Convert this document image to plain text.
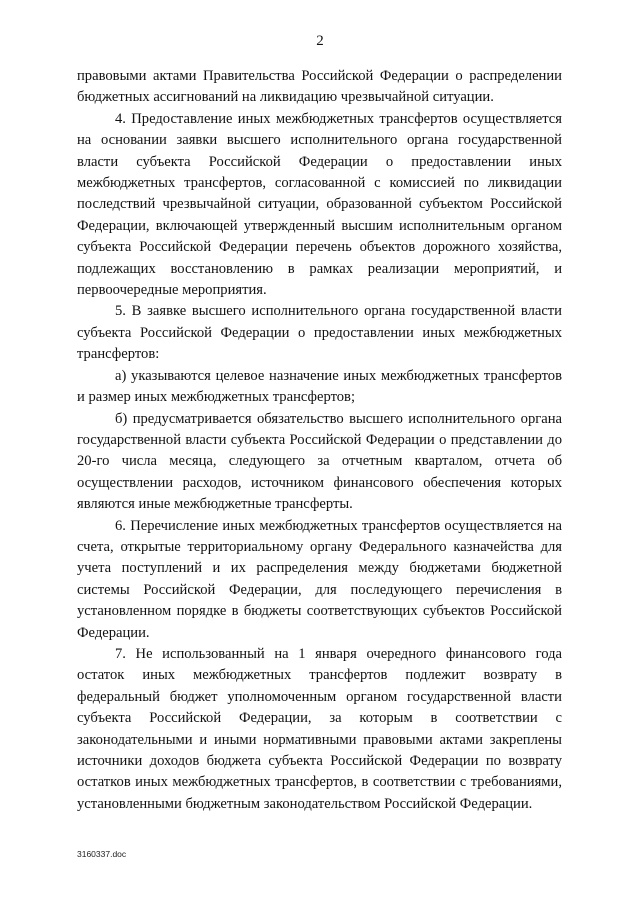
2

правовыми актами Правительства Российской Федерации о распределении бюджетных ассигнований на ликвидацию чрезвычайной ситуации.

4. Предоставление иных межбюджетных трансфертов осуществляется на основании заявки высшего исполнительного органа государственной власти субъекта Российской Федерации о предоставлении иных межбюджетных трансфертов, согласованной с комиссией по ликвидации последствий чрезвычайной ситуации, образованной субъектом Российской Федерации, включающей утвержденный высшим исполнительным органом субъекта Российской Федерации перечень объектов дорожного хозяйства, подлежащих восстановлению в рамках реализации мероприятий, и первоочередные мероприятия.

5. В заявке высшего исполнительного органа государственной власти субъекта Российской Федерации о предоставлении иных межбюджетных трансфертов:

а) указываются целевое назначение иных межбюджетных трансфертов и размер иных межбюджетных трансфертов;

б) предусматривается обязательство высшего исполнительного органа государственной власти субъекта Российской Федерации о представлении до 20-го числа месяца, следующего за отчетным кварталом, отчета об осуществлении расходов, источником финансового обеспечения которых являются иные межбюджетные трансферты.

6. Перечисление иных межбюджетных трансфертов осуществляется на счета, открытые территориальному органу Федерального казначейства для учета поступлений и их распределения между бюджетами бюджетной системы Российской Федерации, для последующего перечисления в установленном порядке в бюджеты соответствующих субъектов Российской Федерации.

7. Не использованный на 1 января очередного финансового года остаток иных межбюджетных трансфертов подлежит возврату в федеральный бюджет уполномоченным органом государственной власти субъекта Российской Федерации, за которым в соответствии с законодательными и иными нормативными правовыми актами закреплены источники доходов бюджета субъекта Российской Федерации по возврату остатков иных межбюджетных трансфертов, в соответствии с требованиями, установленными бюджетным законодательством Российской Федерации.

3160337.doc
